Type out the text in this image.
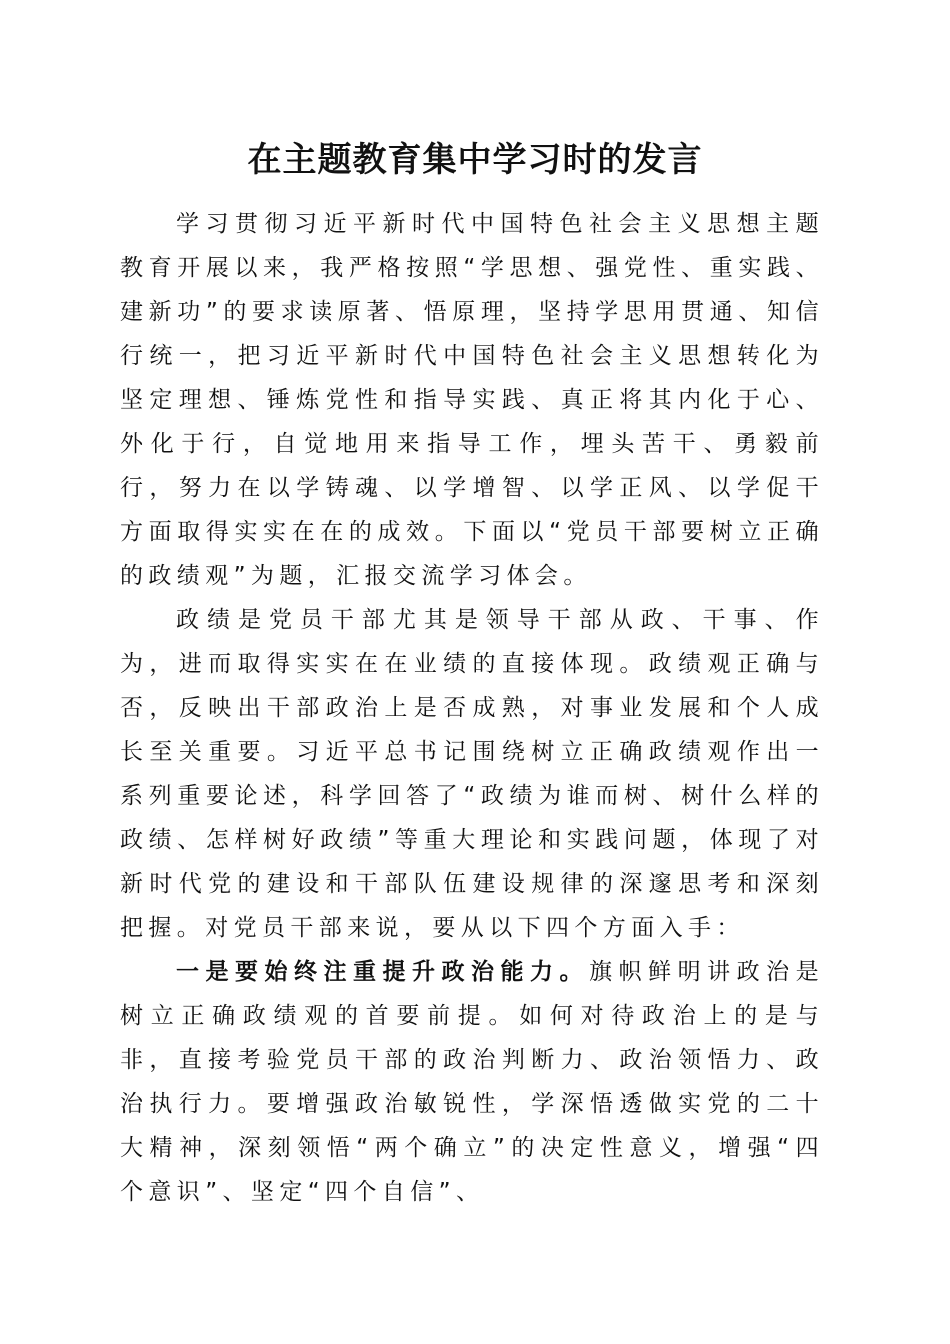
在主题教育集中学习时的发言

学习贯彻习近平新时代中国特色社会主义思想主题教育开展以来，我严格按照“学思想、强党性、重实践、建新功”的要求读原著、悟原理，坚持学思用贯通、知信行统一，把习近平新时代中国特色社会主义思想转化为坚定理想、锤炼党性和指导实践、真正将其内化于心、外化于行，自觉地用来指导工作，埋头苦干、勇毅前行，努力在以学铸魂、以学增智、以学正风、以学促干方面取得实实在在的成效。下面以“党员干部要树立正确的政绩观”为题，汇报交流学习体会。

政绩是党员干部尤其是领导干部从政、干事、作为，进而取得实实在在业绩的直接体现。政绩观正确与否，反映出干部政治上是否成熟，对事业发展和个人成长至关重要。习近平总书记围绕树立正确政绩观作出一系列重要论述，科学回答了“政绩为谁而树、树什么样的政绩、怎样树好政绩”等重大理论和实践问题，体现了对新时代党的建设和干部队伍建设规律的深邃思考和深刻把握。对党员干部来说，要从以下四个方面入手：

一是要始终注重提升政治能力。旗帜鲜明讲政治是树立正确政绩观的首要前提。如何对待政治上的是与非，直接考验党员干部的政治判断力、政治领悟力、政治执行力。要增强政治敏锐性，学深悟透做实党的二十大精神，深刻领悟“两个确立”的决定性意义，增强“四个意识”、坚定“四个自信”、
